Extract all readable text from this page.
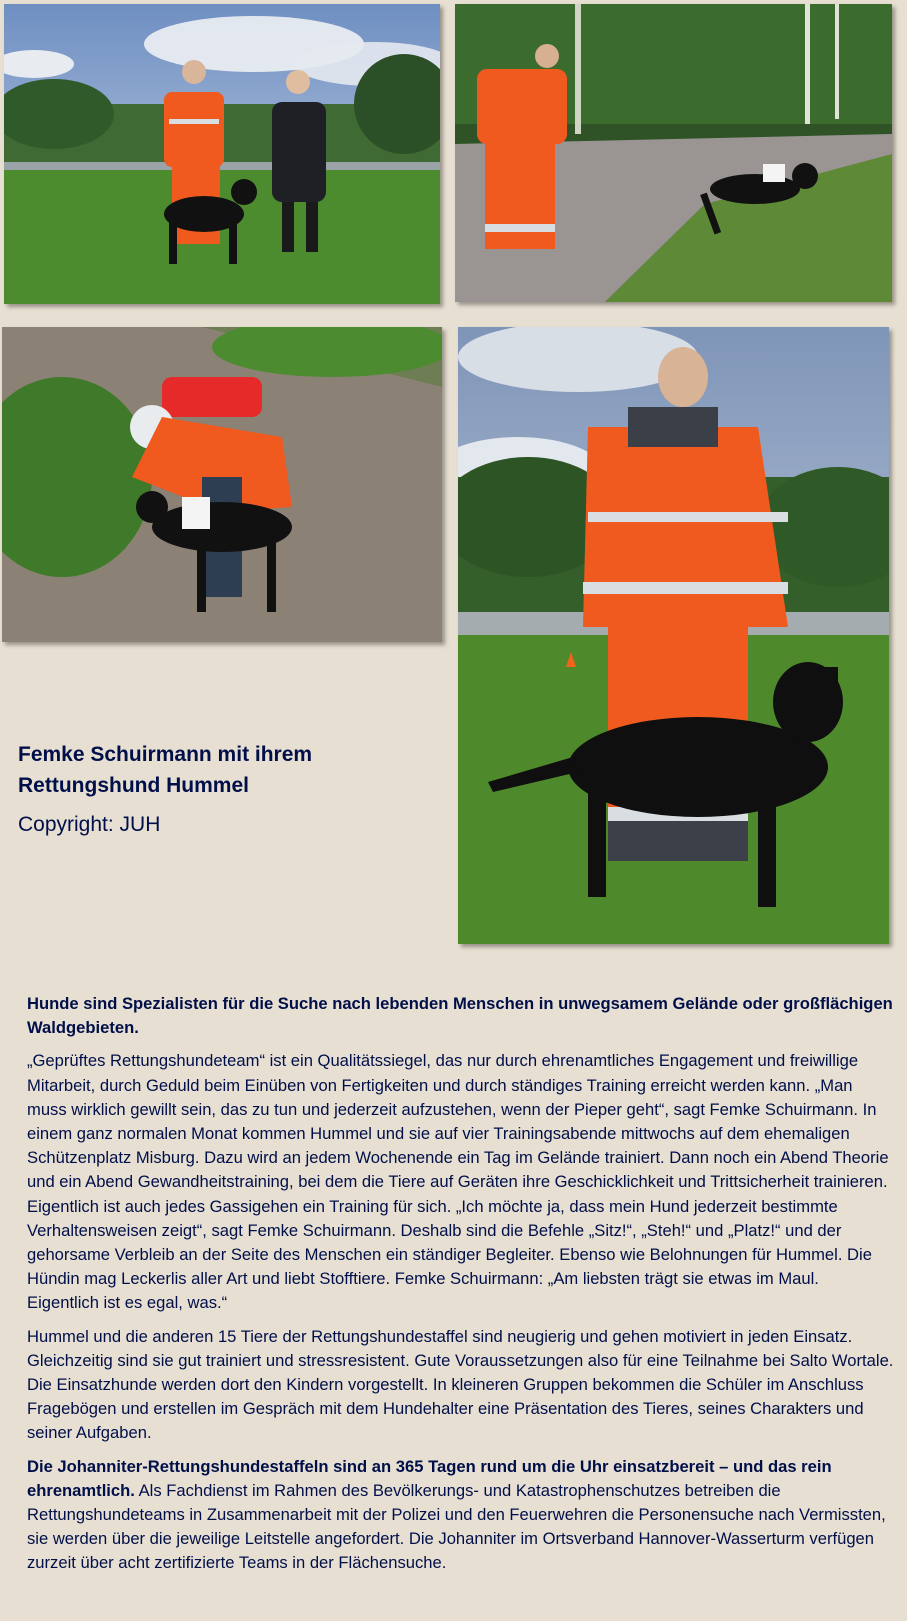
Femke Schuirmann mit ihrem Rettungshund Hummel

Copyright: JUH

Hunde sind Spezialisten für die Suche nach lebenden Menschen in unwegsamem Gelände oder großflächigen Waldgebieten.

„Geprüftes Rettungshundeteam“ ist ein Qualitätssiegel, das nur durch ehrenamtliches Engagement und freiwillige Mitarbeit, durch Geduld beim Einüben von Fertigkeiten und durch ständiges Training erreicht werden kann. „Man muss wirklich gewillt sein, das zu tun und jederzeit aufzustehen, wenn der Pieper geht“, sagt Femke Schuirmann. In einem ganz normalen Monat kommen Hummel und sie auf vier Trainingsabende mittwochs auf dem ehemaligen Schützenplatz Misburg. Dazu wird an jedem Wochenende ein Tag im Gelände trainiert. Dann noch ein Abend Theorie und ein Abend Gewandheitstraining, bei dem die Tiere auf Geräten ihre Geschicklichkeit und Trittsicherheit trainieren. Eigentlich ist auch jedes Gassigehen ein Training für sich. „Ich möchte ja, dass mein Hund jederzeit bestimmte Verhaltensweisen zeigt“, sagt Femke Schuirmann. Deshalb sind die Befehle „Sitz!“, „Steh!“ und „Platz!“ und der gehorsame Verbleib an der Seite des Menschen ein ständiger Begleiter. Ebenso wie Belohnungen für Hummel. Die Hündin mag Leckerlis aller Art und liebt Stofftiere. Femke Schuirmann: „Am liebsten trägt sie etwas im Maul. Eigentlich ist es egal, was.“

Hummel und die anderen 15 Tiere der Rettungshundestaffel sind neugierig und gehen motiviert in jeden Einsatz. Gleichzeitig sind sie gut trainiert und stressresistent. Gute Voraussetzungen also für eine Teilnahme bei Salto Wortale. Die Einsatzhunde werden dort den Kindern vorgestellt. In kleineren Gruppen bekommen die Schüler im Anschluss Fragebögen und erstellen im Gespräch mit dem Hundehalter eine Präsentation des Tieres, seines Charakters und seiner Aufgaben.

Die Johanniter-Rettungshundestaffeln sind an 365 Tagen rund um die Uhr einsatzbereit – und das rein ehrenamtlich. Als Fachdienst im Rahmen des Bevölkerungs- und Katastrophenschutzes betreiben die Rettungshundeteams in Zusammenarbeit mit der Polizei und den Feuerwehren die Personensuche nach Vermissten, sie werden über die jeweilige Leitstelle angefordert. Die Johanniter im Ortsverband Hannover-Wasserturm verfügen zurzeit über acht zertifizierte Teams in der Flächensuche.
